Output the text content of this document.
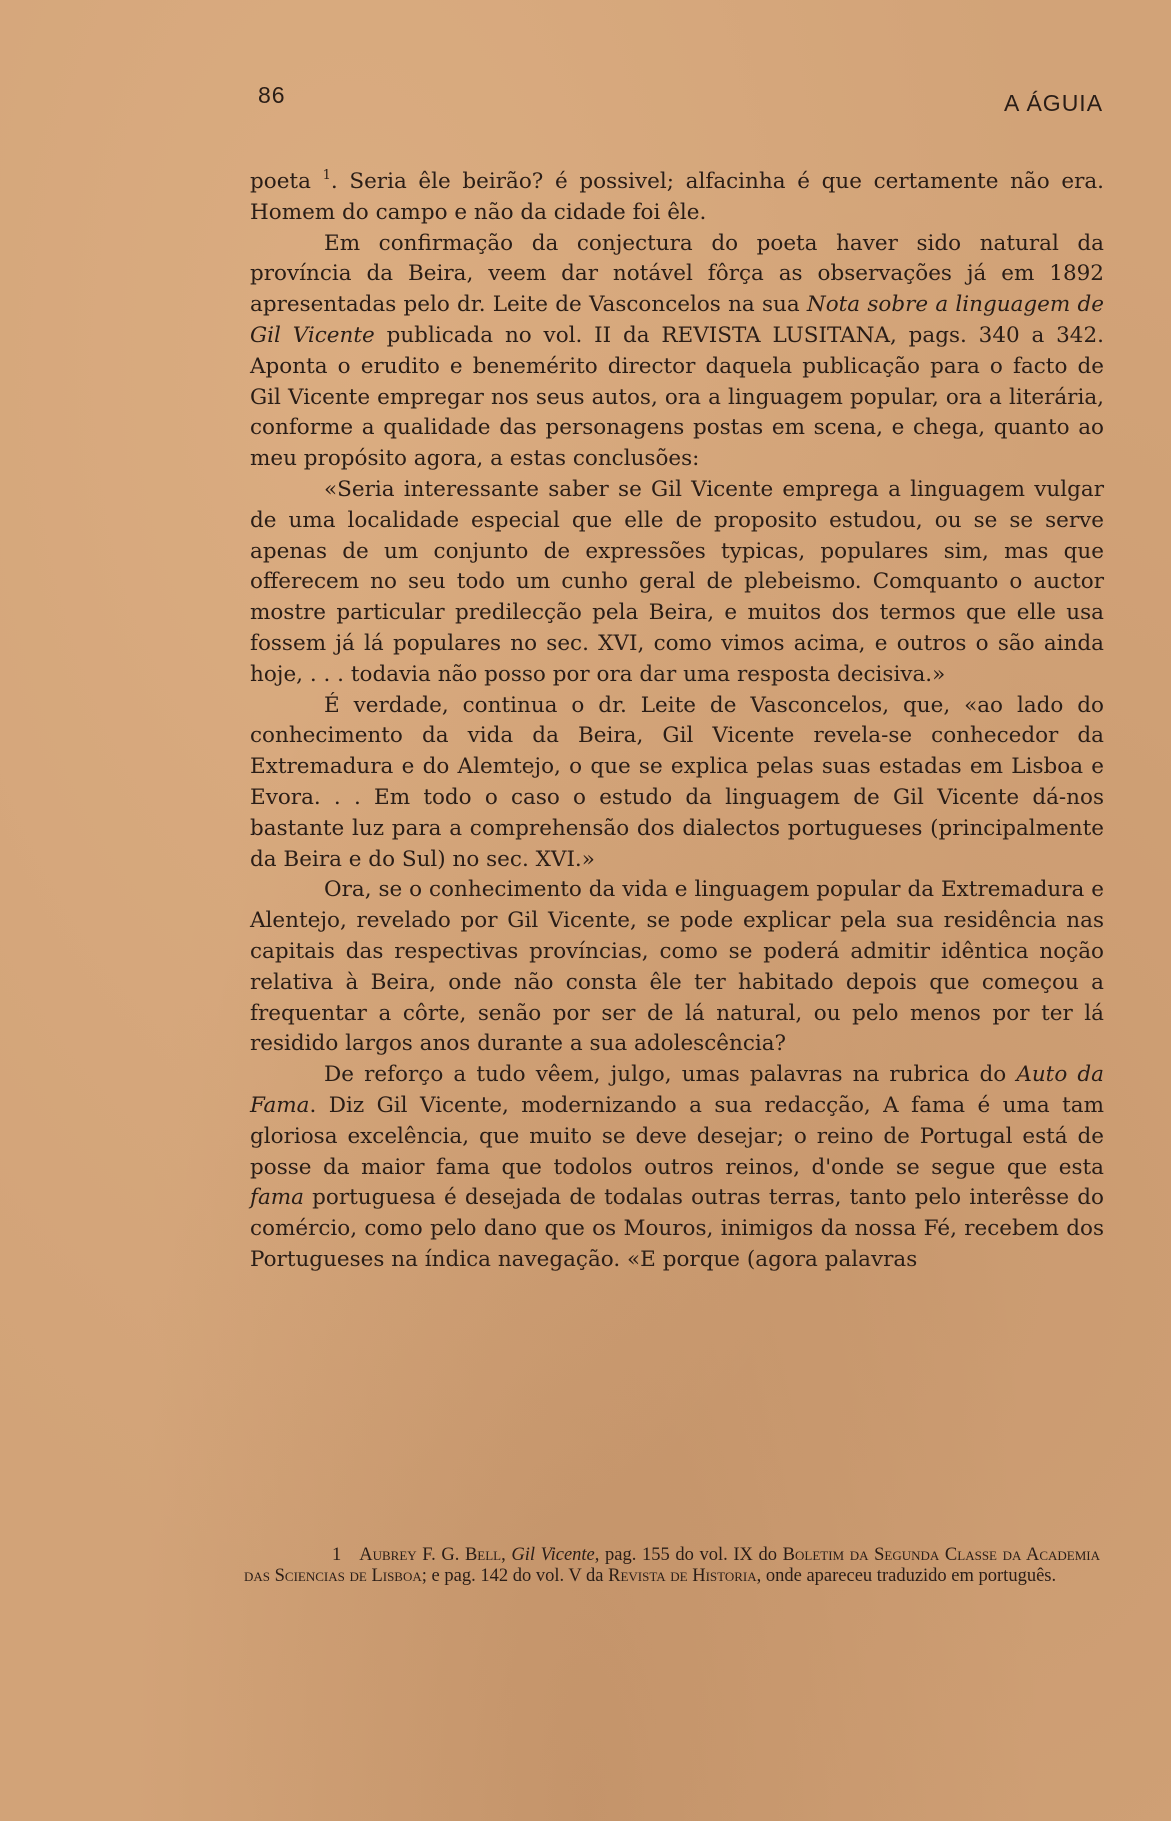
86	A ÁGUIA

poeta $^1$. Seria êle beirão? é possivel; alfacinha é que certamente não era. Homem do campo e não da cidade foi êle.

Em confirmação da conjectura do poeta haver sido natural da província da Beira, veem dar notável fôrça as observações já em 1892 apresentadas pelo dr. Leite de Vasconcelos na sua Nota sobre a linguagem de Gil Vicente publicada no vol. II da REVISTA LUSITANA, pags. 340 a 342. Aponta o erudito e benemérito director daquela publicação para o facto de Gil Vicente empregar nos seus autos, ora a linguagem popular, ora a literária, conforme a qualidade das personagens postas em scena, e chega, quanto ao meu propósito agora, a estas conclusões:

«Seria interessante saber se Gil Vicente emprega a linguagem vulgar de uma localidade especial que elle de proposito estudou, ou se se serve apenas de um conjunto de expressões typicas, populares sim, mas que offerecem no seu todo um cunho geral de plebeismo. Comquanto o auctor mostre particular predilecção pela Beira, e muitos dos termos que elle usa fossem já lá populares no sec. XVI, como vimos acima, e outros o são ainda hoje, . . . todavia não posso por ora dar uma resposta decisiva.»

É verdade, continua o dr. Leite de Vasconcelos, que, «ao lado do conhecimento da vida da Beira, Gil Vicente revela-se conhecedor da Extremadura e do Alemtejo, o que se explica pelas suas estadas em Lisboa e Evora. . . Em todo o caso o estudo da linguagem de Gil Vicente dá-nos bastante luz para a comprehensão dos dialectos portugueses (principalmente da Beira e do Sul) no sec. XVI.»

Ora, se o conhecimento da vida e linguagem popular da Extremadura e Alentejo, revelado por Gil Vicente, se pode explicar pela sua residência nas capitais das respectivas províncias, como se poderá admitir idêntica noção relativa à Beira, onde não consta êle ter habitado depois que começou a frequentar a côrte, senão por ser de lá natural, ou pelo menos por ter lá residido largos anos durante a sua adolescência?

De reforço a tudo vêem, julgo, umas palavras na rubrica do Auto da Fama. Diz Gil Vicente, modernizando a sua redacção, A fama é uma tam gloriosa excelência, que muito se deve desejar; o reino de Portugal está de posse da maior fama que todolos outros reinos, d'onde se segue que esta fama portuguesa é desejada de todalas outras terras, tanto pelo interêsse do comércio, como pelo dano que os Mouros, inimigos da nossa Fé, recebem dos Portugueses na índica navegação. «E porque (agora palavras

1 Aubrey F. G. Bell, Gil Vicente, pag. 155 do vol. IX do Boletim da Segunda Classe da Academia das Sciencias de Lisboa; e pag. 142 do vol. V da Revista de Historia, onde apareceu traduzido em português.
